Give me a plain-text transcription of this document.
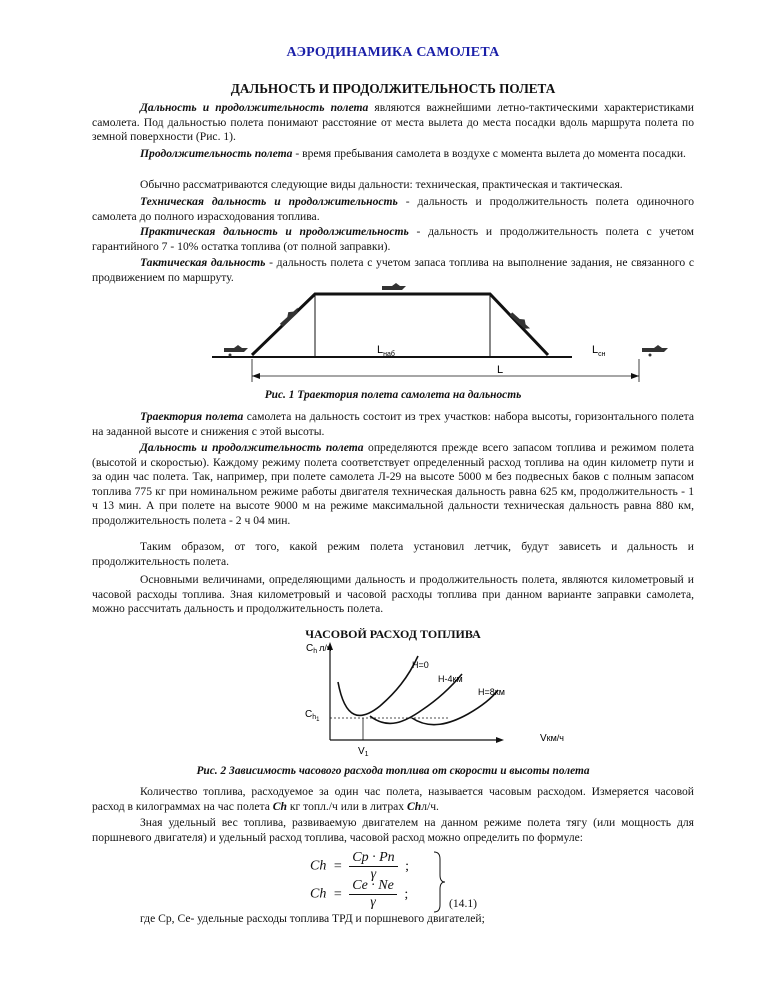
АЭРОДИНАМИКА САМОЛЕТА
ДАЛЬНОСТЬ И ПРОДОЛЖИТЕЛЬНОСТЬ ПОЛЕТА
Дальность и продолжительность полета являются важнейшими летно-тактическими характеристиками самолета. Под дальностью полета понимают расстояние от места вылета до места посадки вдоль маршрута полета по земной поверхности (Рис. 1).
Продолжительность полета - время пребывания самолета в воздухе с момента вылета до момента посадки.
Обычно рассматриваются следующие виды дальности: техническая, практическая и тактическая.
Техническая дальность и продолжительность - дальность и продолжительность полета одиночного самолета до полного израсходования топлива.
Практическая дальность и продолжительность - дальность и продолжительность полета с учетом гарантийного 7 - 10% остатка топлива (от полной заправки).
Тактическая дальность - дальность полета с учетом запаса топлива на выполнение задания, не связанного с продвижением по маршруту.
$L_{наб}$	$L_{сн}$
L
Рис. 1 Траектория полета самолета на дальность
Траектория полета самолета на дальность состоит из трех участков: набора высоты, горизонтального полета на заданной высоте и снижения с этой высоты.
Дальность и продолжительность полета определяются прежде всего запасом топлива и режимом полета (высотой и скоростью). Каждому режиму полета соответствует определенный расход топлива на один километр пути и за один час полета. Так, например, при полете самолета Л-29 на высоте 5000 м без подвесных баков с полным запасом топлива 775 кг при номинальном режиме работы двигателя техническая дальность равна 625 км, продолжительность - 1 ч 13 мин. А при полете на высоте 9000 м на режиме максимальной дальности техническая дальность равна 880 км, продолжительность полета - 2 ч 04 мин.
Таким образом, от того, какой режим полета установил летчик, будут зависеть и дальность и продолжительность полета.
Основными величинами, определяющими дальность и продолжительность полета, являются километровый и часовой расходы топлива. Зная километровый и часовой расходы топлива при данном варианте заправки самолета, можно рассчитать дальность и продолжительность полета.
ЧАСОВОЙ РАСХОД ТОПЛИВА
$C_h$ л/ч
Vкм/ч
H=0
H-4км
H=8км
$C_{h1}$
$V_1$
Рис. 2 Зависимость часового расхода топлива от скорости и высоты полета
Количество топлива, расходуемое за один час полета, называется часовым расходом. Измеряется часовой расход в килограммах на час полета Ch кг топл./ч или в литрах Chл/ч.
Зная удельный вес топлива, развиваемую двигателем на данном режиме полета тягу (или мощность для поршневого двигателя) и удельный расход топлива, часовой расход можно определить по формуле:
$Ch = \frac{Cp \cdot Pn}{\gamma}$ ;
$Ch = \frac{Ce \cdot Ne}{\gamma}$ ;
(14.1)
где Ср, Се- удельные расходы топлива ТРД и поршневого двигателей;
